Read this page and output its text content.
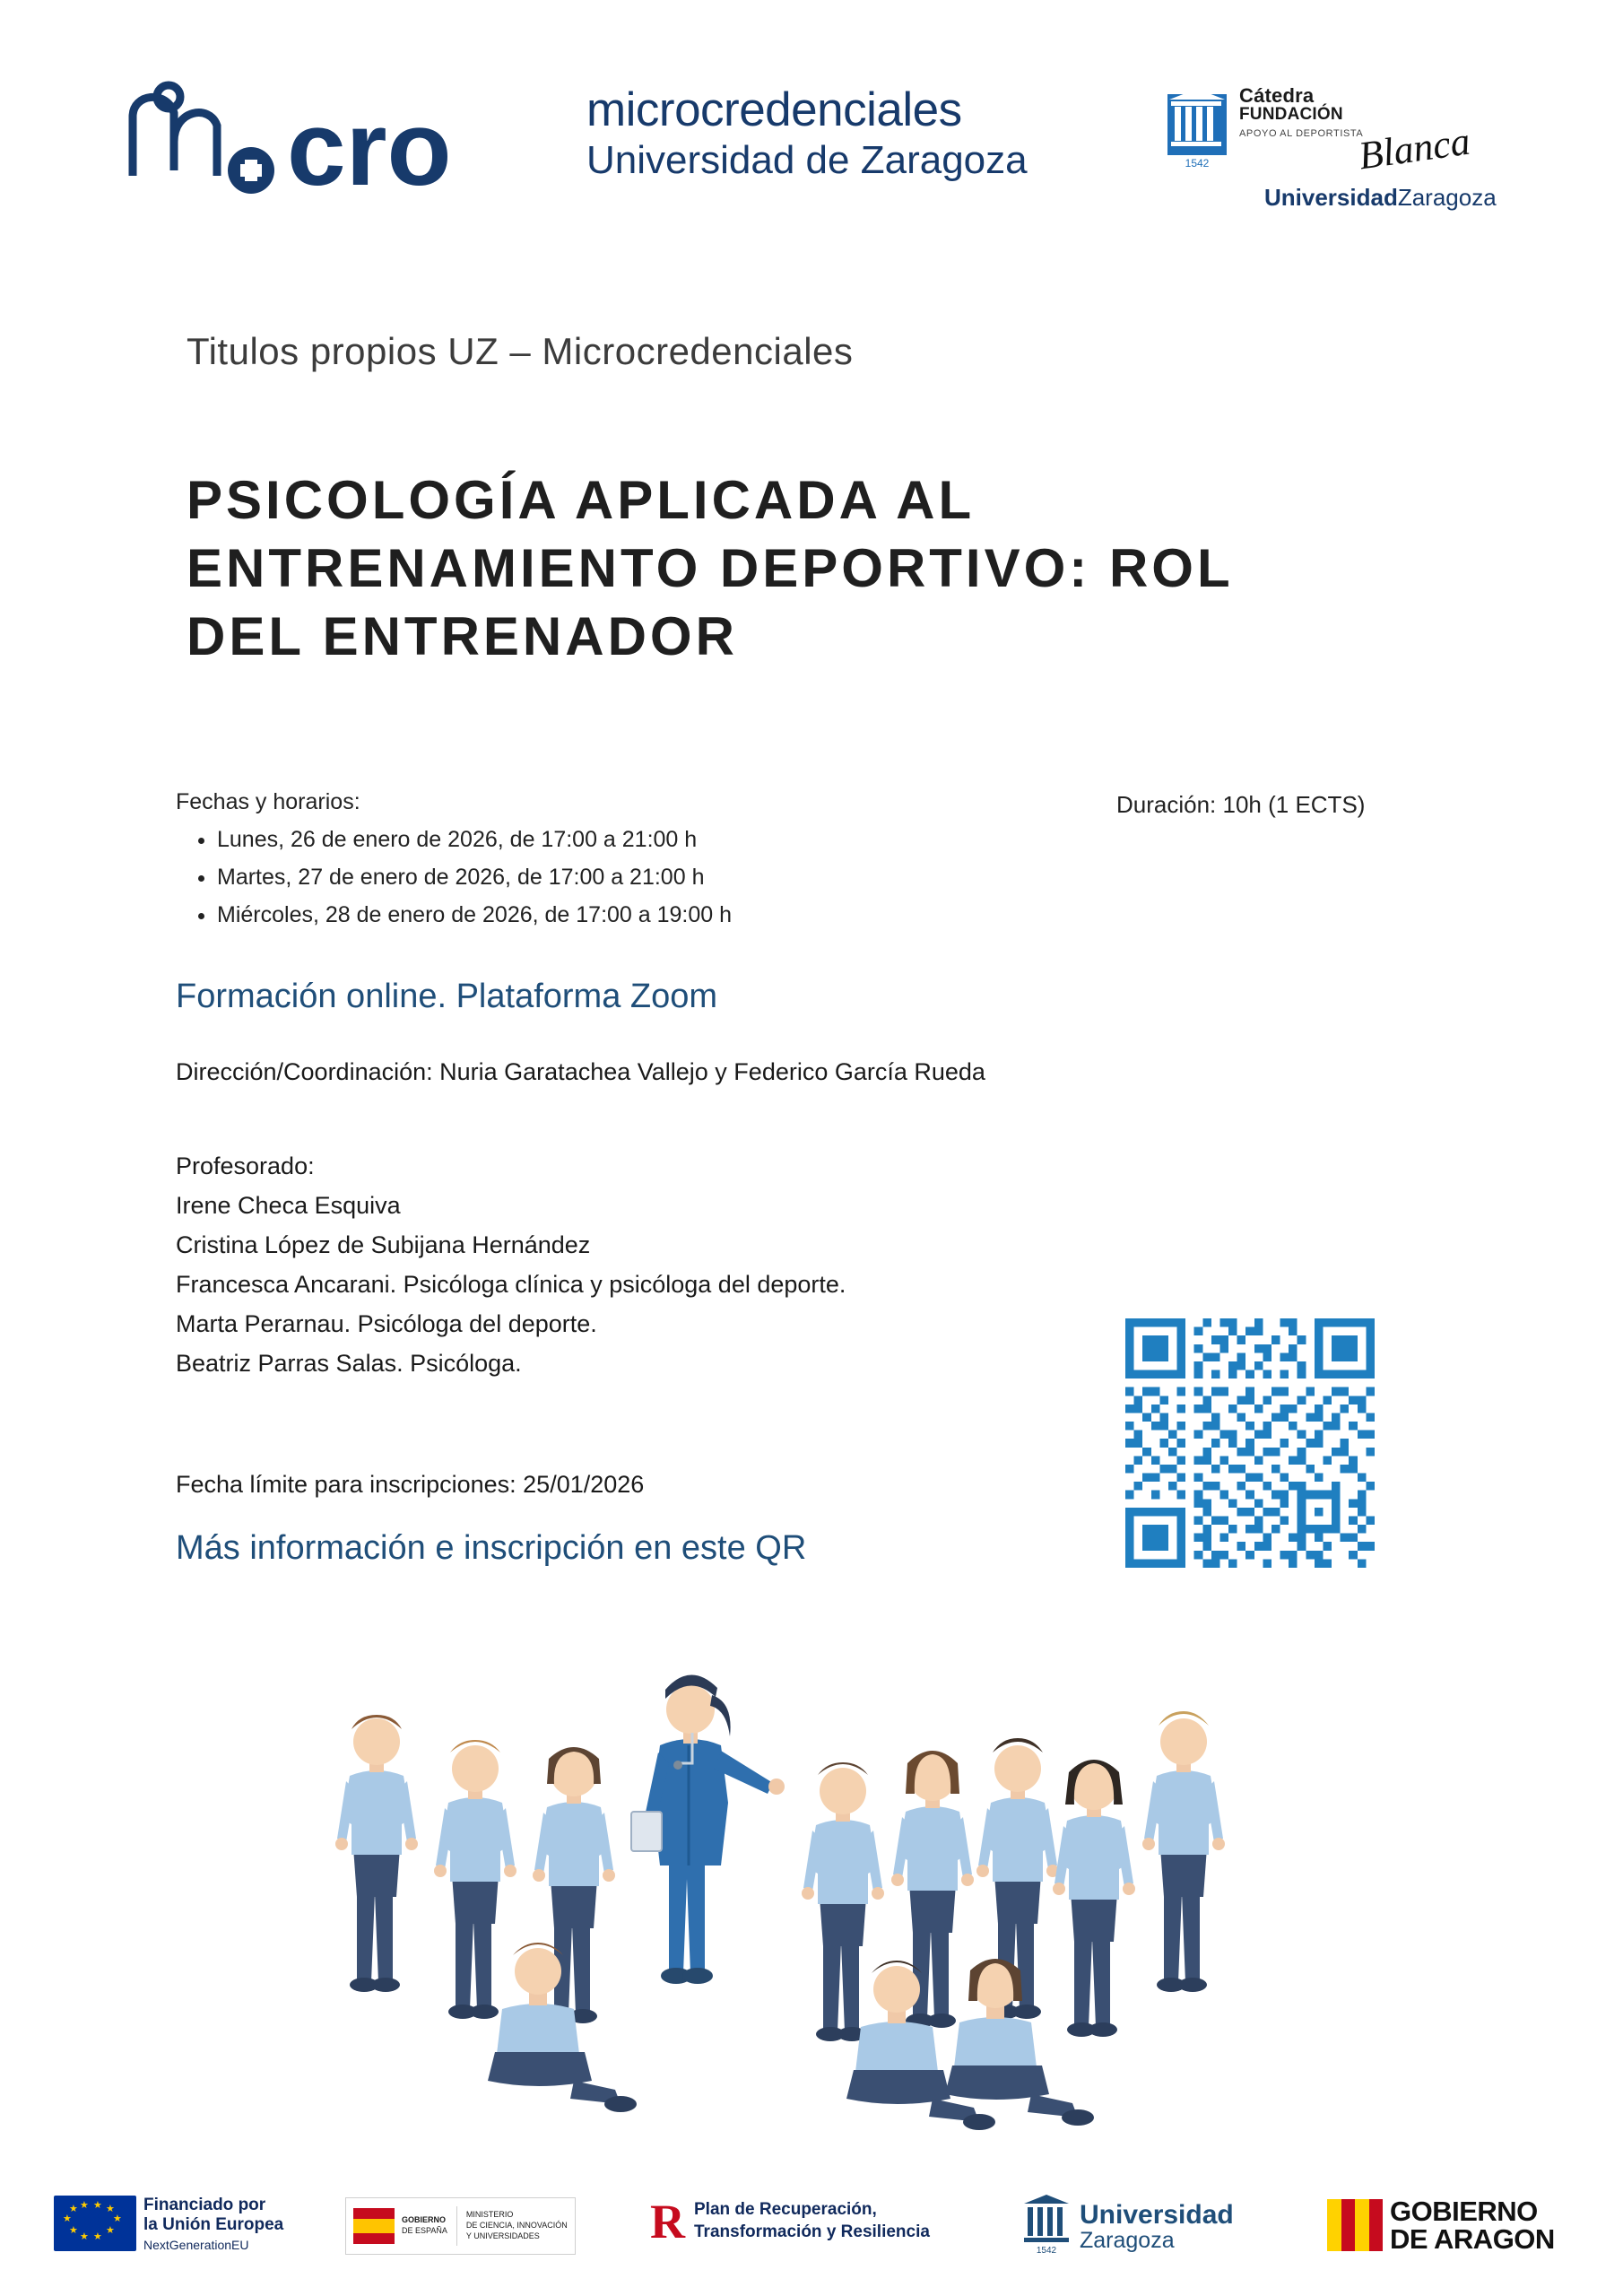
cro	microcredenciales
Universidad de Zaragoza	1542
Cátedra
FUNDACIÓN
APOYO AL DEPORTISTA
Blanca
UniversidadZaragoza
Titulos propios UZ – Microcredenciales
PSICOLOGÍA APLICADA AL ENTRENAMIENTO DEPORTIVO: ROL DEL ENTRENADOR
Fechas y horarios:
• Lunes, 26 de enero de 2026, de 17:00 a 21:00 h
• Martes, 27 de enero de 2026, de 17:00 a 21:00 h
• Miércoles, 28 de enero de 2026, de 17:00 a 19:00 h
Duración: 10h (1 ECTS)
Formación online. Plataforma Zoom
Dirección/Coordinación: Nuria Garatachea Vallejo y Federico García Rueda
Profesorado:
Irene Checa Esquiva
Cristina López de Subijana Hernández
Francesca Ancarani. Psicóloga clínica y psicóloga del deporte.
Marta Perarnau. Psicóloga del deporte.
Beatriz Parras Salas. Psicóloga.
Fecha límite para inscripciones: 25/01/2026
Más información e inscripción en este QR
★ ★
★
★
★
★
★
★
★ ★	Financiado por
la Unión Europea
NextGenerationEU
GOBIERNO
DE ESPAÑA
MINISTERIO
DE CIENCIA, INNOVACIÓN
Y UNIVERSIDADES	R Plan de Recuperación,
Transformación y Resiliencia
1542
Universidad
Zaragoza
GOBIERNO
DE ARAGON
